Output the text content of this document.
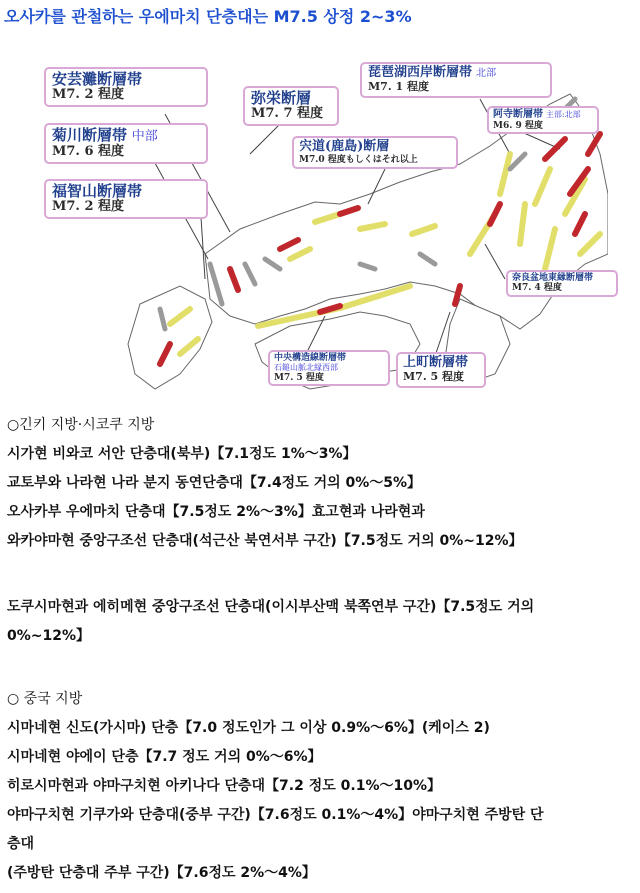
오사카를 관철하는 우에마치 단층대는 M7.5 상정 2~3%
安芸灘断層帯
M7. 2 程度
菊川断層帯 中部
M7. 6 程度
福智山断層帯
M7. 2 程度
弥栄断層
M7. 7 程度
宍道(鹿島)断層
M7.0 程度もしくはそれ以上
琵琶湖西岸断層帯 北部
M7. 1 程度
阿寺断層帯 主部:北部
M6. 9 程度
奈良盆地東縁断層帯
M7. 4 程度
中央構造線断層帯
石鎚山脈北縁西部
M7. 5 程度
上町断層帯
M7. 5 程度
○긴키 지방·시코쿠 지방
시가현 비와코 서안 단층대(북부)【7.1정도 1%～3%】
교토부와 나라현 나라 분지 동연단층대【7.4정도 거의 0%～5%】
오사카부 우에마치 단층대【7.5정도 2%～3%】효고현과 나라현과
와카야마현 중앙구조선 단층대(석근산 북연서부 구간)【7.5정도 거의 0%~12%】
도쿠시마현과 에히메현 중앙구조선 단층대(이시부산맥 북쪽연부 구간)【7.5정도 거의
0%~12%】
○ 중국 지방
시마네현 신도(가시마) 단층【7.0 정도인가 그 이상 0.9%～6%】(케이스 2)
시마네현 야에이 단층【7.7 정도 거의 0%～6%】
히로시마현과 야마구치현 아키나다 단층대【7.2 정도 0.1%～10%】
야마구치현 기쿠가와 단층대(중부 구간)【7.6정도 0.1%～4%】야마구치현 주방탄 단
층대
(주방탄 단층대 주부 구간)【7.6정도 2%～4%】
